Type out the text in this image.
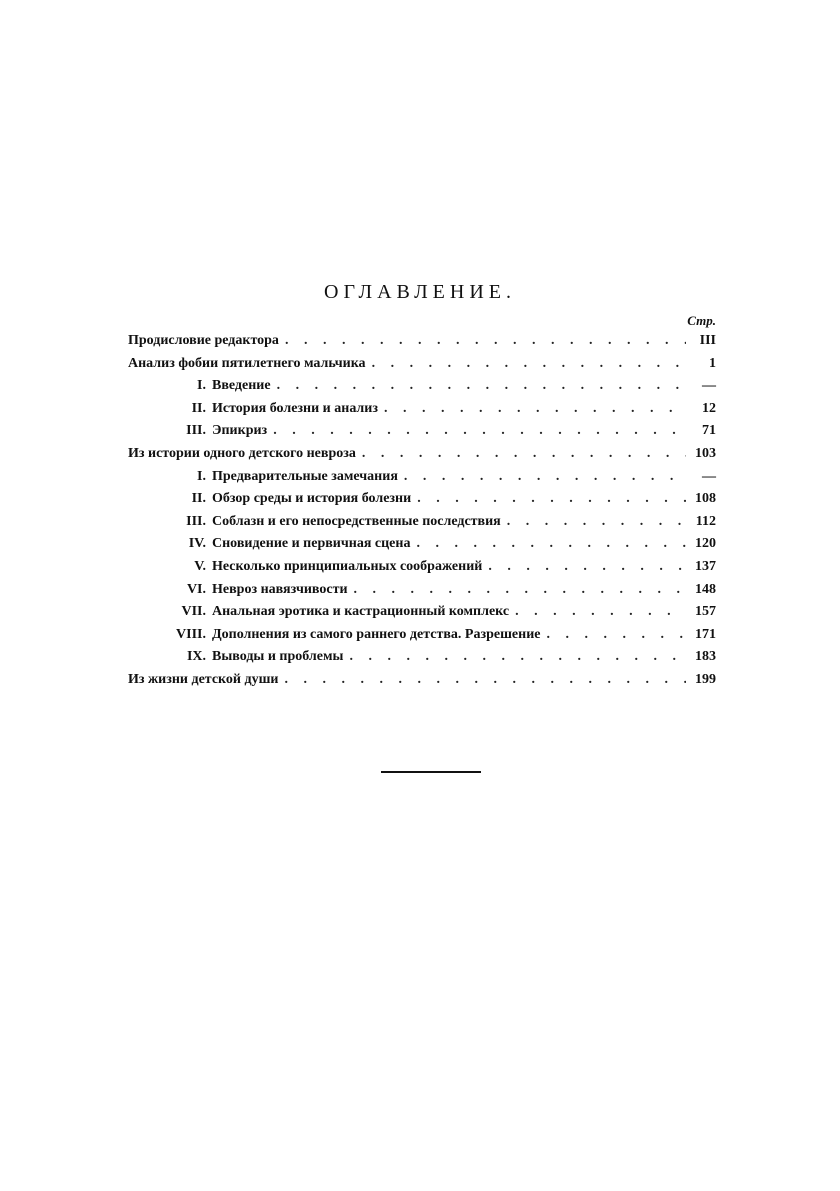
ОГЛАВЛЕНИЕ.
Стр.
Продисловие редактора . . .	III
Анализ фобии пятилетнего мальчика . . .	1
I. Введение . . .	—
II. История болезни и анализ . . .	12
III. Эпикриз . . .	71
Из истории одного детского невроза . . .	103
I. Предварительные замечания . . .	—
II. Обзор среды и история болезни . . .	108
III. Соблазн и его непосредственные последствия . . .	112
IV. Сновидение и первичная сцена . . .	120
V. Несколько принципиальных соображений . . .	137
VI. Невроз навязчивости . . .	148
VII. Анальная эротика и кастрационный комплекс . . .	157
VIII. Дополнения из самого раннего детства. Разрешение . . .	171
IX. Выводы и проблемы . . .	183
Из жизни детской души . . .	199
